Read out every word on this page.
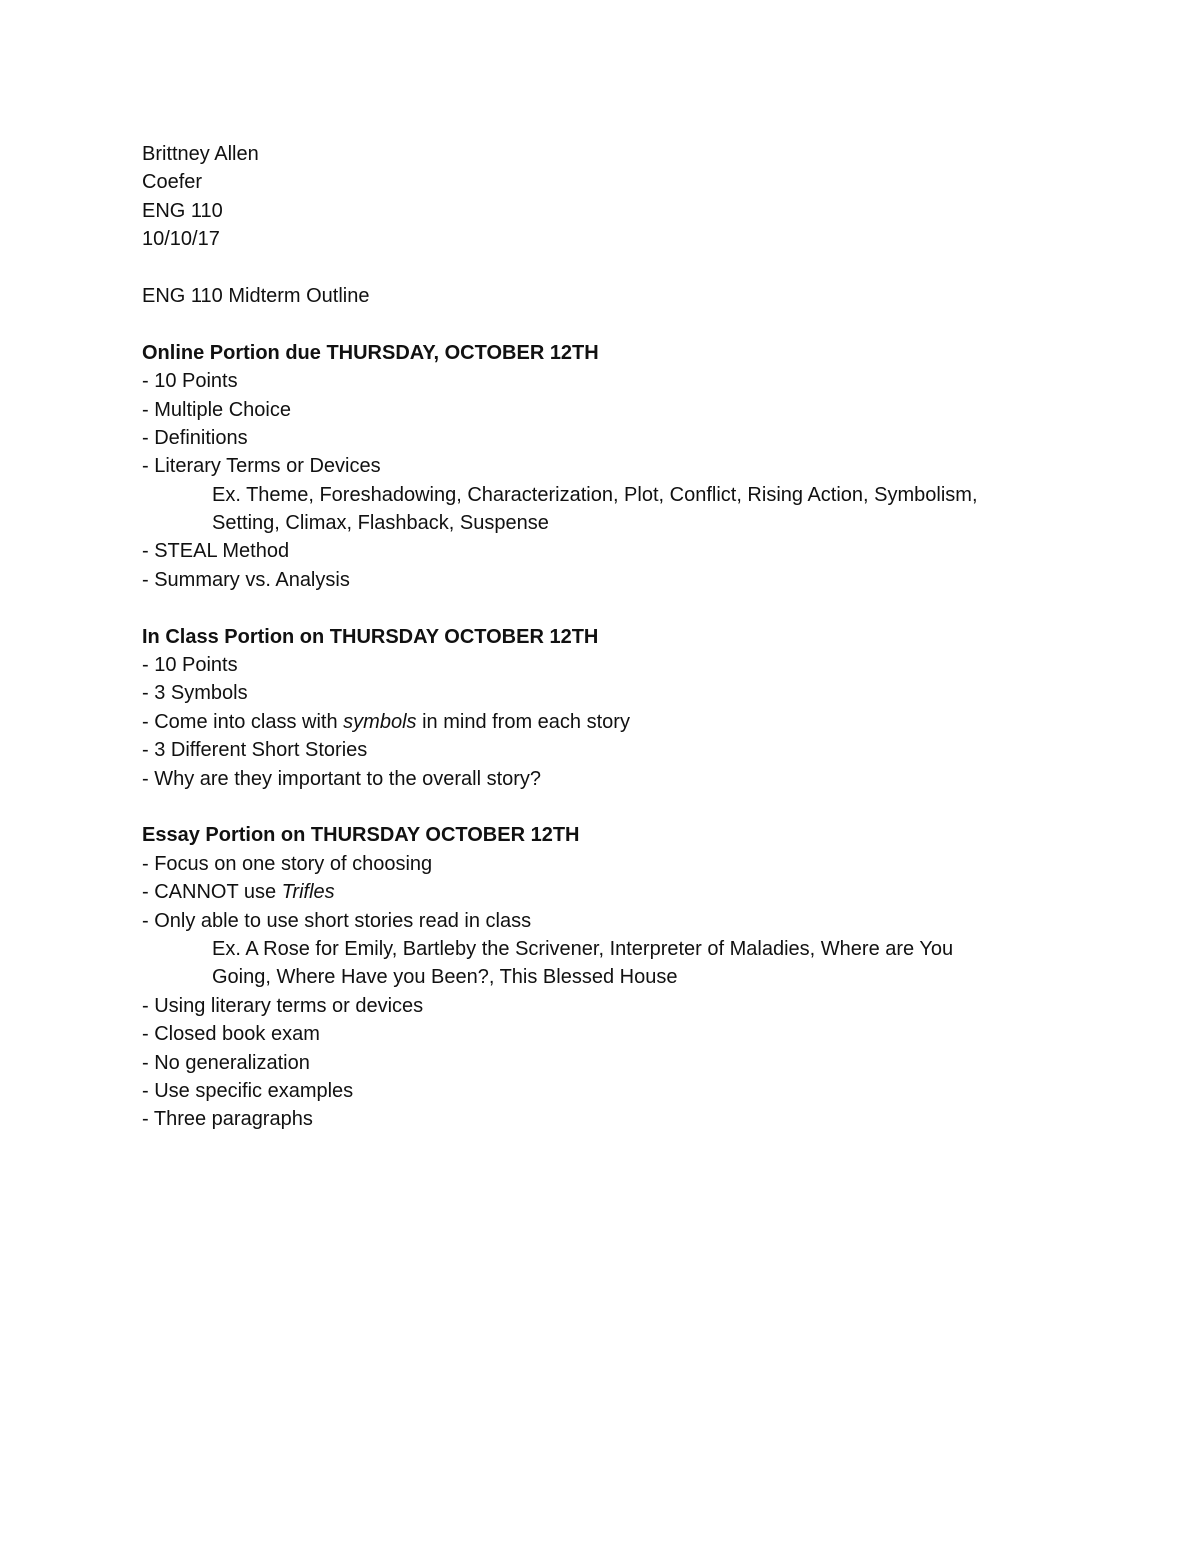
Brittney Allen
Coefer
ENG 110
10/10/17
ENG 110 Midterm Outline
Online Portion due THURSDAY, OCTOBER 12TH
- 10 Points
- Multiple Choice
- Definitions
- Literary Terms or Devices
Ex. Theme, Foreshadowing, Characterization, Plot, Conflict, Rising Action, Symbolism,
Setting, Climax, Flashback, Suspense
- STEAL Method
- Summary vs. Analysis
In Class Portion on THURSDAY OCTOBER 12TH
- 10 Points
- 3 Symbols
- Come into class with symbols in mind from each story
- 3 Different Short Stories
- Why are they important to the overall story?
Essay Portion on THURSDAY OCTOBER 12TH
- Focus on one story of choosing
- CANNOT use Trifles
- Only able to use short stories read in class
Ex. A Rose for Emily, Bartleby the Scrivener, Interpreter of Maladies, Where are You
Going, Where Have you Been?, This Blessed House
- Using literary terms or devices
- Closed book exam
- No generalization
- Use specific examples
- Three paragraphs
